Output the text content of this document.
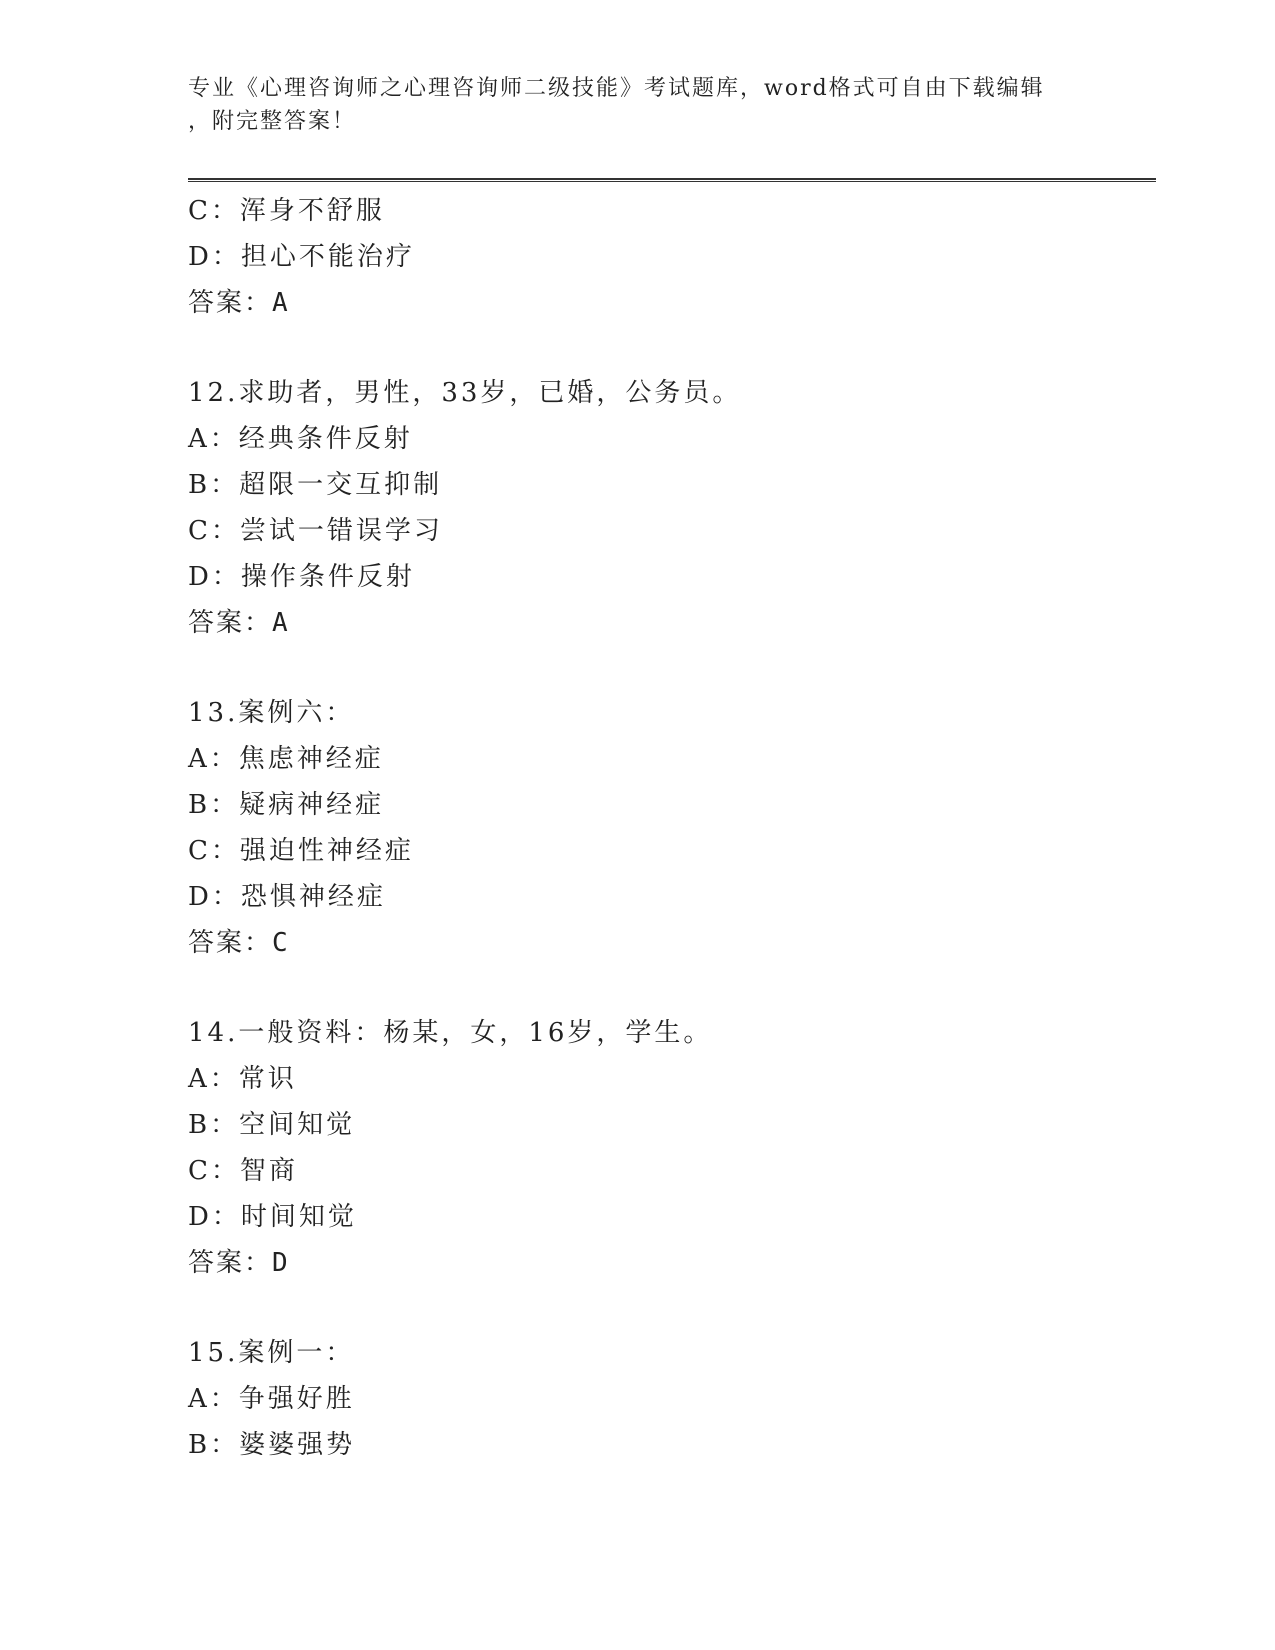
专业《心理咨询师之心理咨询师二级技能》考试题库，word格式可自由下载编辑
，附完整答案！
C：浑身不舒服
D：担心不能治疗
答案：A
12.求助者，男性，33岁，已婚，公务员。
A：经典条件反射
B：超限一交互抑制
C：尝试一错误学习
D：操作条件反射
答案：A
13.案例六：
A：焦虑神经症
B：疑病神经症
C：强迫性神经症
D：恐惧神经症
答案：C
14.一般资料：杨某，女，16岁，学生。
A：常识
B：空间知觉
C：智商
D：时间知觉
答案：D
15.案例一：
A：争强好胜
B：婆婆强势
